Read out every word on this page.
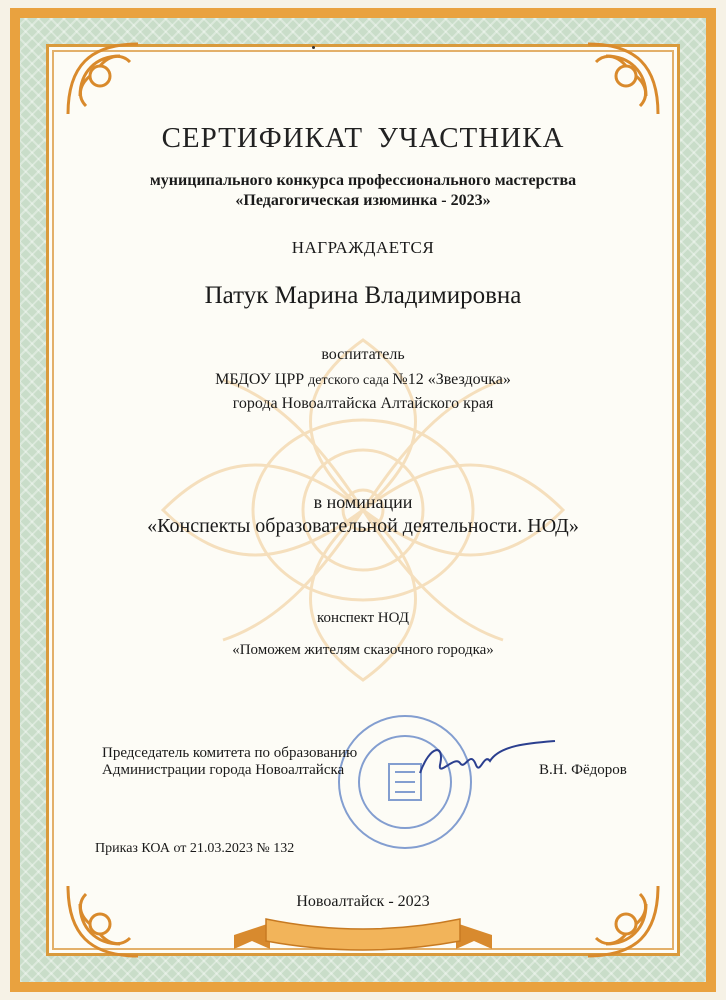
СЕРТИФИКАТ УЧАСТНИКА
муниципального конкурса профессионального мастерства
«Педагогическая изюминка - 2023»
НАГРАЖДАЕТСЯ
Патук Марина Владимировна
воспитатель
МБДОУ ЦРР детского сада №12 «Звездочка»
города Новоалтайска Алтайского края
в номинации
«Конспекты образовательной деятельности. НОД»
конспект НОД
«Поможем жителям сказочного городка»
Председатель комитета по образованию
Администрации города Новоалтайска	В.Н. Фёдоров
Приказ КОА от 21.03.2023 № 132
Новоалтайск - 2023
